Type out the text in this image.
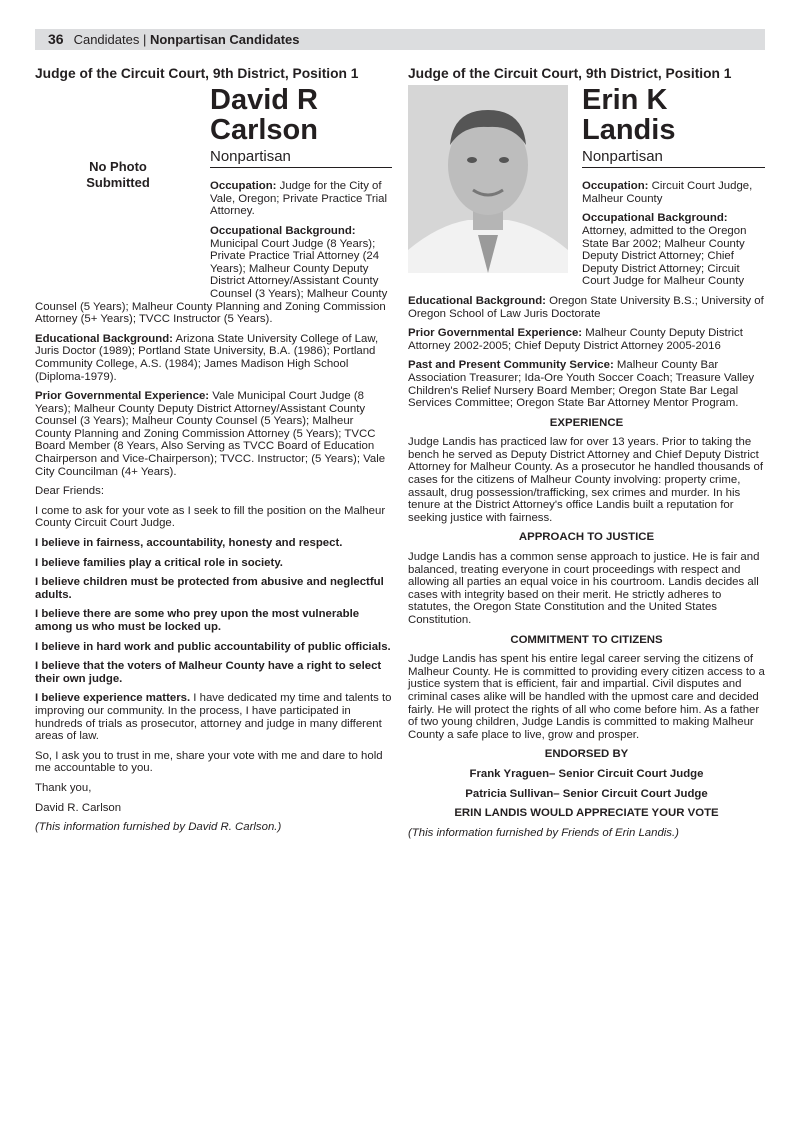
36 Candidates | Nonpartisan Candidates
Judge of the Circuit Court, 9th District, Position 1
No Photo Submitted
David R
Carlson
Nonpartisan

Occupation: Judge for the City of Vale, Oregon; Private Practice Trial Attorney.

Occupational Background: Municipal Court Judge (8 Years); Private Practice Trial Attorney (24 Years); Malheur County Deputy District Attorney/Assistant County Counsel (3 Years); Malheur County Counsel (5 Years); Malheur County Planning and Zoning Commission Attorney (5+ Years); TVCC Instructor (5 Years).

Educational Background: Arizona State University College of Law, Juris Doctor (1989); Portland State University, B.A. (1986); Portland Community College, A.S. (1984); James Madison High School (Diploma-1979).

Prior Governmental Experience: Vale Municipal Court Judge (8 Years); Malheur County Deputy District Attorney/Assistant County Counsel (3 Years); Malheur County Counsel (5 Years); Malheur County Planning and Zoning Commission Attorney (5 Years); TVCC Board Member (8 Years, Also Serving as TVCC Board of Education Chairperson and Vice-Chairperson); TVCC. Instructor; (5 Years); Vale City Councilman (4+ Years).

Dear Friends:

I come to ask for your vote as I seek to fill the position on the Malheur County Circuit Court Judge.

I believe in fairness, accountability, honesty and respect.

I believe families play a critical role in society.

I believe children must be protected from abusive and neglectful adults.

I believe there are some who prey upon the most vulnerable among us who must be locked up.

I believe in hard work and public accountability of public officials.

I believe that the voters of Malheur County have a right to select their own judge.

I believe experience matters. I have dedicated my time and talents to improving our community. In the process, I have participated in hundreds of trials as prosecutor, attorney and judge in many different areas of law.

So, I ask you to trust in me, share your vote with me and dare to hold me accountable to you.

Thank you,

David R. Carlson

(This information furnished by David R. Carlson.)

Judge of the Circuit Court, 9th District, Position 1
Erin K
Landis
Nonpartisan

Occupation: Circuit Court Judge, Malheur County

Occupational Background: Attorney, admitted to the Oregon State Bar 2002; Malheur County Deputy District Attorney; Chief Deputy District Attorney; Circuit Court Judge for Malheur County

Educational Background: Oregon State University B.S.; University of Oregon School of Law Juris Doctorate

Prior Governmental Experience: Malheur County Deputy District Attorney 2002-2005; Chief Deputy District Attorney 2005-2016

Past and Present Community Service: Malheur County Bar Association Treasurer; Ida-Ore Youth Soccer Coach; Treasure Valley Children's Relief Nursery Board Member; Oregon State Bar Legal Services Committee; Oregon State Bar Attorney Mentor Program.

EXPERIENCE

Judge Landis has practiced law for over 13 years. Prior to taking the bench he served as Deputy District Attorney and Chief Deputy District Attorney for Malheur County. As a prosecutor he handled thousands of cases for the citizens of Malheur County involving: property crime, assault, drug possession/trafficking, sex crimes and murder. In his tenure at the District Attorney's office Landis built a reputation for seeking justice with fairness.

APPROACH TO JUSTICE

Judge Landis has a common sense approach to justice. He is fair and balanced, treating everyone in court proceedings with respect and allowing all parties an equal voice in his courtroom. Landis decides all cases with integrity based on their merit. He strictly adheres to statutes, the Oregon State Constitution and the United States Constitution.

COMMITMENT TO CITIZENS

Judge Landis has spent his entire legal career serving the citizens of Malheur County. He is committed to providing every citizen access to a justice system that is efficient, fair and impartial. Civil disputes and criminal cases alike will be handled with the upmost care and decided fairly. He will protect the rights of all who come before him. As a father of two young children, Judge Landis is committed to making Malheur County a safe place to live, grow and prosper.

ENDORSED BY
Frank Yraguen– Senior Circuit Court Judge
Patricia Sullivan– Senior Circuit Court Judge
ERIN LANDIS WOULD APPRECIATE YOUR VOTE

(This information furnished by Friends of Erin Landis.)
